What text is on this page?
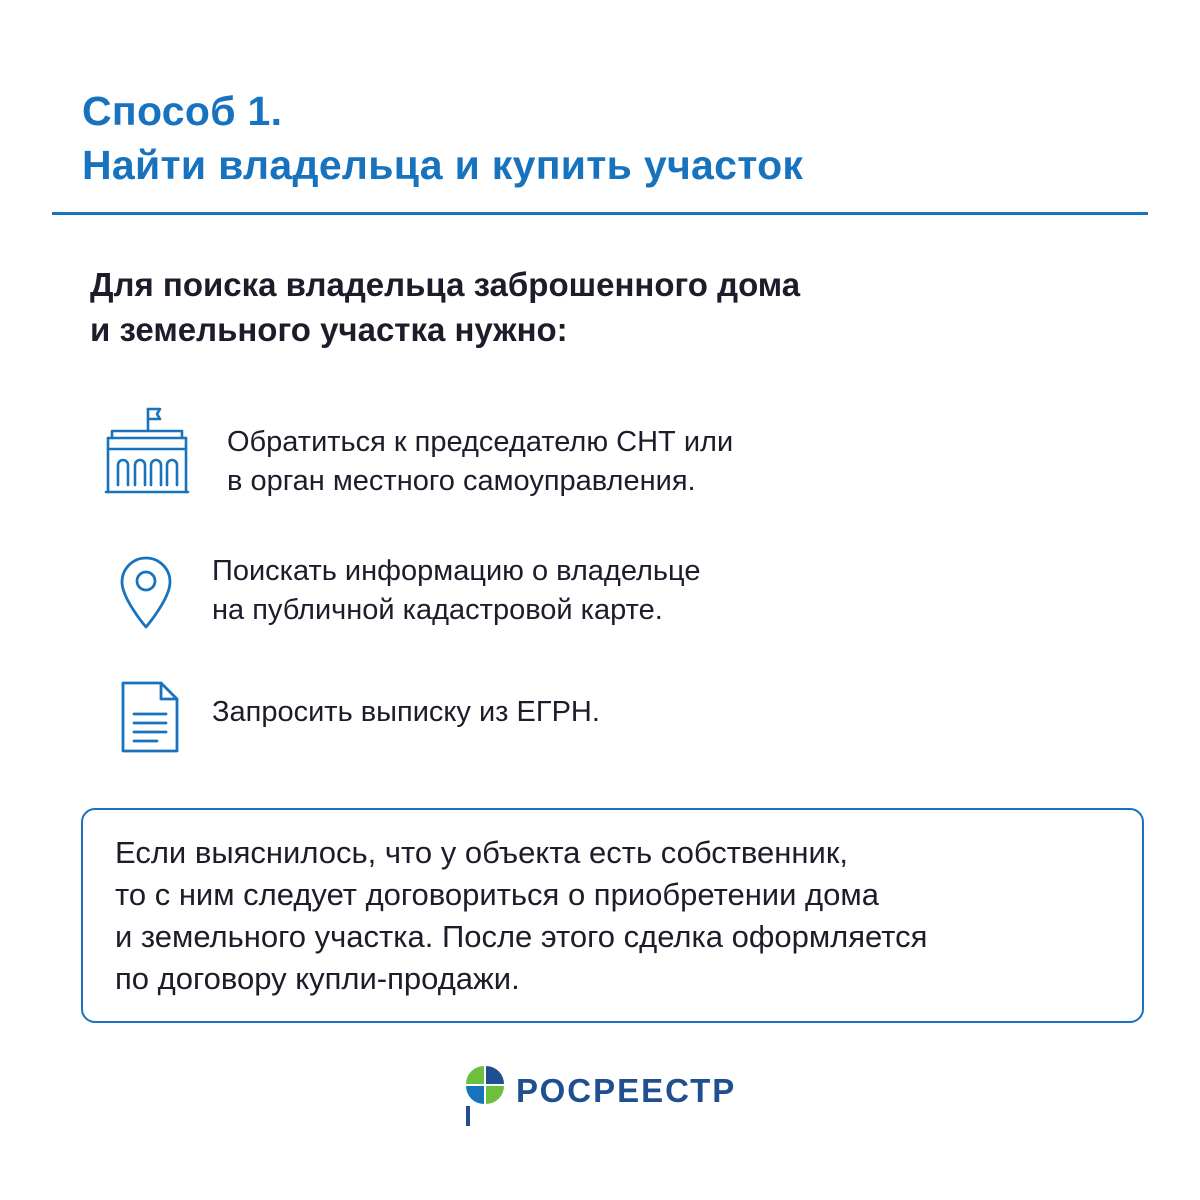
Способ 1.
Найти владельца и купить участок

Для поиска владельца заброшенного дома
и земельного участка нужно:

Обратиться к председателю СНТ или
в орган местного самоуправления.
Поискать информацию о владельце
на публичной кадастровой карте.
Запросить выписку из ЕГРН.
Если выяснилось, что у объекта есть собственник,
то с ним следует договориться о приобретении дома
и земельного участка. После этого сделка оформляется
по договору купли-продажи.
РОСРЕЕСТР
